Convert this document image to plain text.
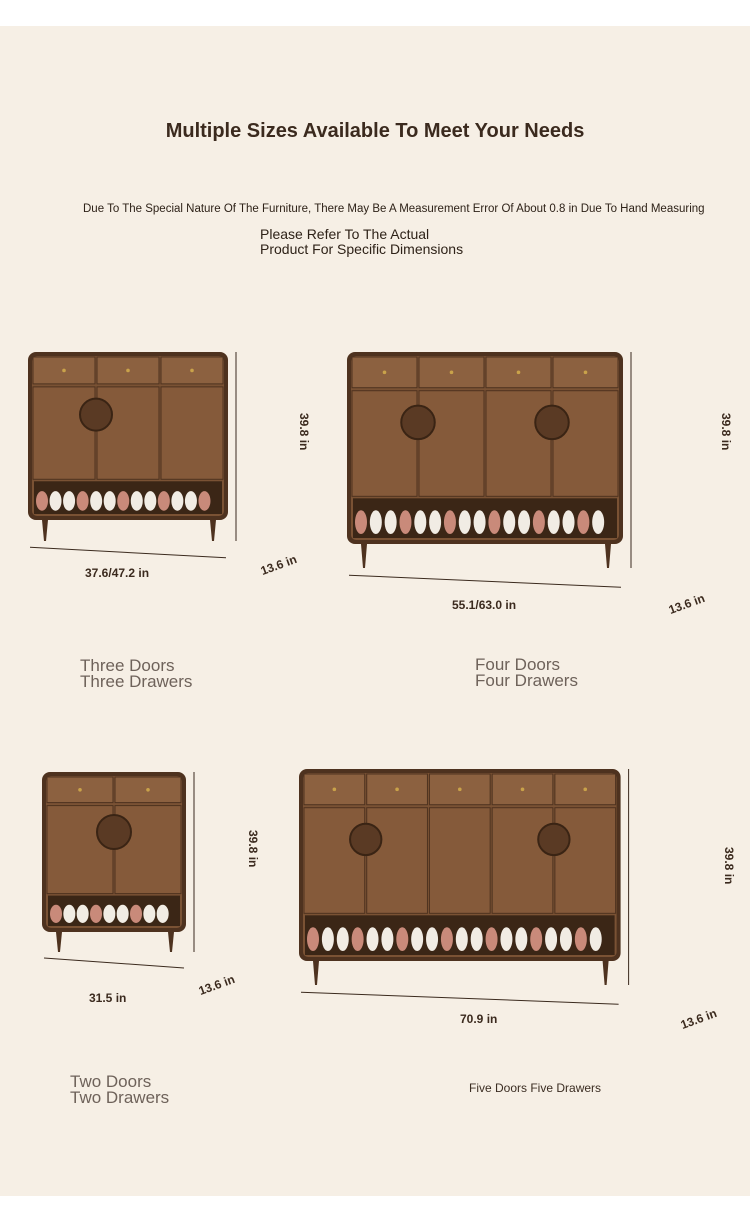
Multiple Sizes Available To Meet Your Needs
Due To The Special Nature Of The Furniture, There May Be A Measurement Error Of About 0.8 in Due To Hand Measuring
Please Refer To The Actual
Product For Specific Dimensions
37.6/47.2 in
39.8 in
13.6 in
Three Doors
Three Drawers
55.1/63.0 in
39.8 in
13.6 in
Four Doors
Four Drawers
31.5 in
39.8 in
13.6 in
Two Doors
Two Drawers
70.9 in
39.8 in
13.6 in
Five Doors Five Drawers
